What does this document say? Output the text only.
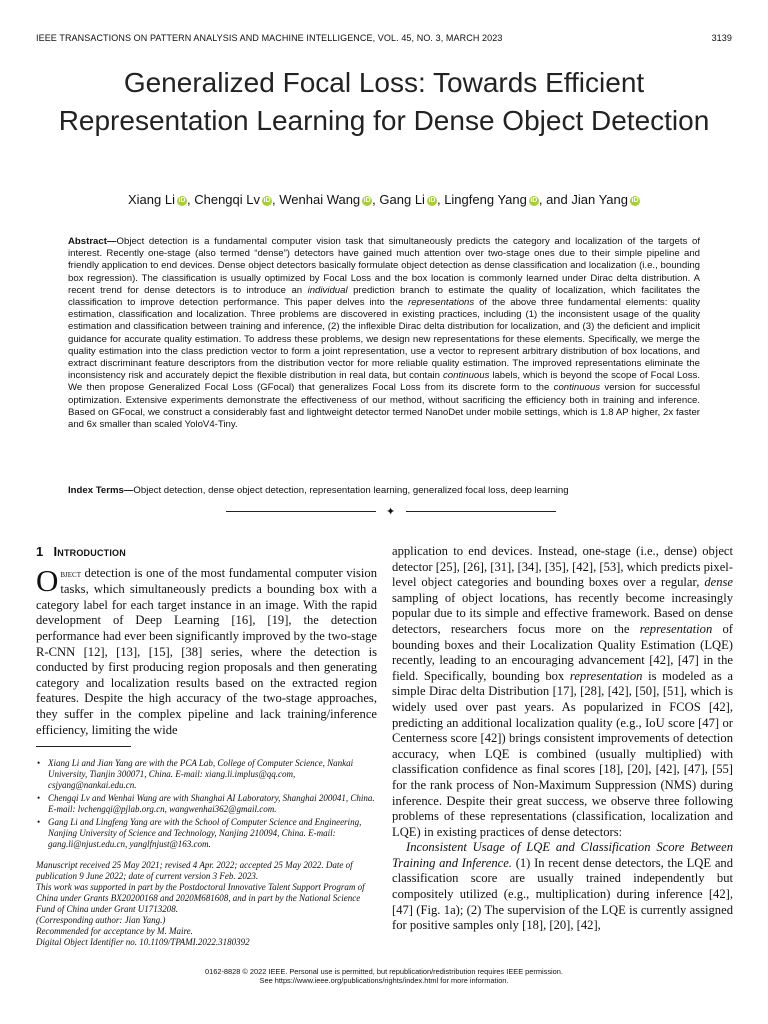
IEEE TRANSACTIONS ON PATTERN ANALYSIS AND MACHINE INTELLIGENCE, VOL. 45, NO. 3, MARCH 2023	3139
Generalized Focal Loss: Towards Efficient Representation Learning for Dense Object Detection
Xiang Li iD , Chengqi Lv iD , Wenhai Wang iD , Gang Li iD , Lingfeng Yang iD , and Jian Yang iD
Abstract—Object detection is a fundamental computer vision task that simultaneously predicts the category and localization of the targets of interest. Recently one-stage (also termed “dense”) detectors have gained much attention over two-stage ones due to their simple pipeline and friendly application to end devices. Dense object detectors basically formulate object detection as dense classification and localization (i.e., bounding box regression). The classification is usually optimized by Focal Loss and the box location is commonly learned under Dirac delta distribution. A recent trend for dense detectors is to introduce an individual prediction branch to estimate the quality of localization, which facilitates the classification to improve detection performance. This paper delves into the representations of the above three fundamental elements: quality estimation, classification and localization. Three problems are discovered in existing practices, including (1) the inconsistent usage of the quality estimation and classification between training and inference, (2) the inflexible Dirac delta distribution for localization, and (3) the deficient and implicit guidance for accurate quality estimation. To address these problems, we design new representations for these elements. Specifically, we merge the quality estimation into the class prediction vector to form a joint representation, use a vector to represent arbitrary distribution of box locations, and extract discriminant feature descriptors from the distribution vector for more reliable quality estimation. The improved representations eliminate the inconsistency risk and accurately depict the flexible distribution in real data, but contain continuous labels, which is beyond the scope of Focal Loss. We then propose Generalized Focal Loss (GFocal) that generalizes Focal Loss from its discrete form to the continuous version for successful optimization. Extensive experiments demonstrate the effectiveness of our method, without sacrificing the efficiency both in training and inference. Based on GFocal, we construct a considerably fast and lightweight detector termed NanoDet under mobile settings, which is 1.8 AP higher, 2x faster and 6x smaller than scaled YoloV4-Tiny.
Index Terms—Object detection, dense object detection, representation learning, generalized focal loss, deep learning
✦
1 Introduction

Object detection is one of the most fundamental computer vision tasks, which simultaneously predicts a bounding box with a category label for each target instance in an image. With the rapid development of Deep Learning [16], [19], the detection performance had ever been significantly improved by the two-stage R-CNN [12], [13], [15], [38] series, where the detection is conducted by first producing region proposals and then generating category and localization results based on the extracted region features. Despite the high accuracy of the two-stage approaches, they suffer in the complex pipeline and lack training/inference efficiency, limiting the wide

• Xiang Li and Jian Yang are with the PCA Lab, College of Computer Science, Nankai University, Tianjin 300071, China. E-mail: xiang.li.implus@qq.com, csjyang@nankai.edu.cn.
• Chengqi Lv and Wenhai Wang are with Shanghai AI Laboratory, Shanghai 200041, China. E-mail: lvchengqi@pjlab.org.cn, wangwenhai362@gmail.com.
• Gang Li and Lingfeng Yang are with the School of Computer Science and Engineering, Nanjing University of Science and Technology, Nanjing 210094, China. E-mail: gang.li@njust.edu.cn, yanglfnjust@163.com.

Manuscript received 25 May 2021; revised 4 Apr. 2022; accepted 25 May 2022. Date of publication 9 June 2022; date of current version 3 Feb. 2023.

This work was supported in part by the Postdoctoral Innovative Talent Support Program of China under Grants BX20200168 and 2020M681608, and in part by the National Science Fund of China under Grant U1713208.

(Corresponding author: Jian Yang.)

Recommended for acceptance by M. Maire.

Digital Object Identifier no. 10.1109/TPAMI.2022.3180392

application to end devices. Instead, one-stage (i.e., dense) object detector [25], [26], [31], [34], [35], [42], [53], which predicts pixel-level object categories and bounding boxes over a regular, dense sampling of object locations, has recently become increasingly popular due to its simple and effective framework. Based on dense detectors, researchers focus more on the representation of bounding boxes and their Localization Quality Estimation (LQE) recently, leading to an encouraging advancement [42], [47] in the field. Specifically, bounding box representation is modeled as a simple Dirac delta Distribution [17], [28], [42], [50], [51], which is widely used over past years. As popularized in FCOS [42], predicting an additional localization quality (e.g., IoU score [47] or Centerness score [42]) brings consistent improvements of detection accuracy, when LQE is combined (usually multiplied) with classification confidence as final scores [18], [20], [42], [47], [55] for the rank process of Non-Maximum Suppression (NMS) during inference. Despite their great success, we observe three following problems of these representations (classification, localization and LQE) in existing practices of dense detectors:

Inconsistent Usage of LQE and Classification Score Between Training and Inference. (1) In recent dense detectors, the LQE and classification score are usually trained independently but compositely utilized (e.g., multiplication) during inference [42], [47] (Fig. 1a); (2) The supervision of the LQE is currently assigned for positive samples only [18], [20], [42],

0162-8828 © 2022 IEEE. Personal use is permitted, but republication/redistribution requires IEEE permission.
See https://www.ieee.org/publications/rights/index.html for more information.
